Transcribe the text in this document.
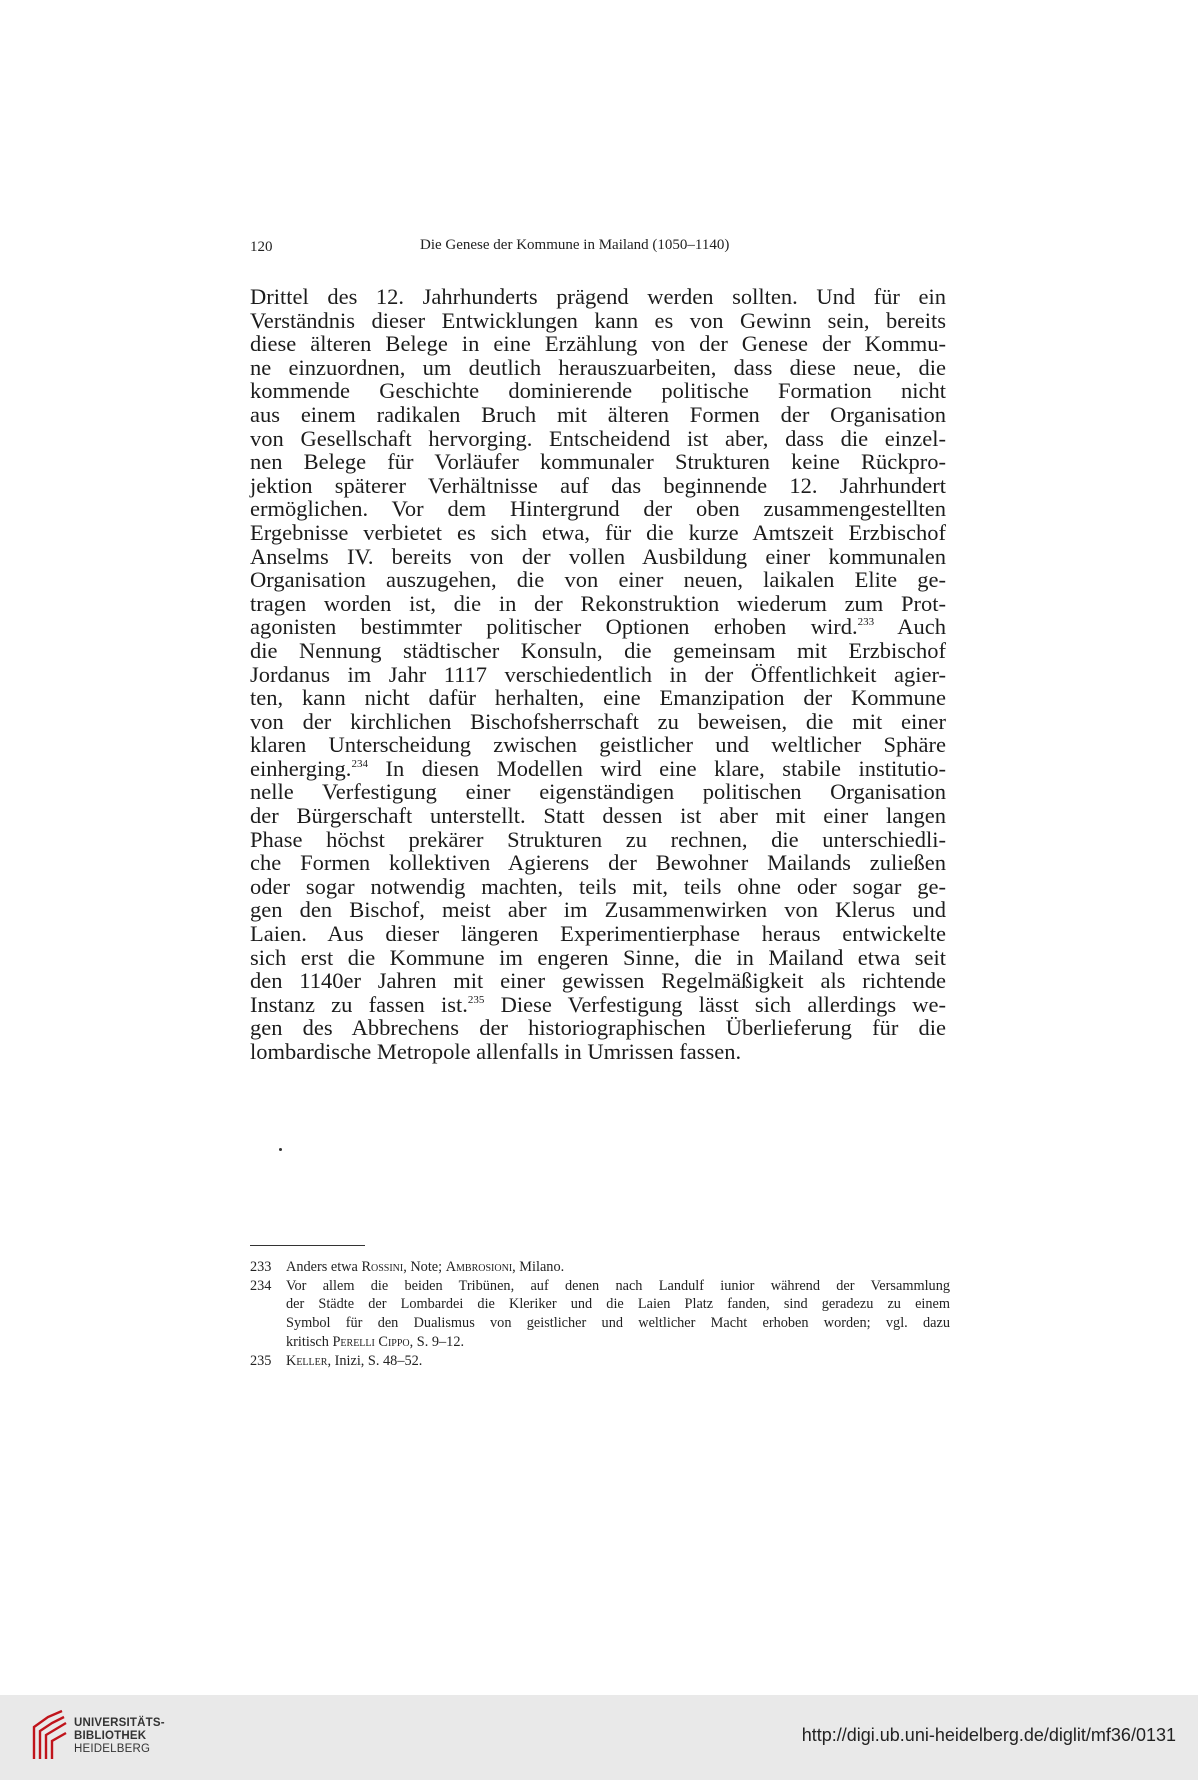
120	Die Genese der Kommune in Mailand (1050–1140)
Drittel des 12. Jahrhunderts prägend werden sollten. Und für ein
Verständnis dieser Entwicklungen kann es von Gewinn sein, bereits
diese älteren Belege in eine Erzählung von der Genese der Kommu-
ne einzuordnen, um deutlich herauszuarbeiten, dass diese neue, die
kommende Geschichte dominierende politische Formation nicht
aus einem radikalen Bruch mit älteren Formen der Organisation
von Gesellschaft hervorging. Entscheidend ist aber, dass die einzel-
nen Belege für Vorläufer kommunaler Strukturen keine Rückpro-
jektion späterer Verhältnisse auf das beginnende 12. Jahrhundert
ermöglichen. Vor dem Hintergrund der oben zusammengestellten
Ergebnisse verbietet es sich etwa, für die kurze Amtszeit Erzbischof
Anselms IV. bereits von der vollen Ausbildung einer kommunalen
Organisation auszugehen, die von einer neuen, laikalen Elite ge-
tragen worden ist, die in der Rekonstruktion wiederum zum Prot-
agonisten bestimmter politischer Optionen erhoben wird.$^{233}$ Auch
die Nennung städtischer Konsuln, die gemeinsam mit Erzbischof
Jordanus im Jahr 1117 verschiedentlich in der Öffentlichkeit agier-
ten, kann nicht dafür herhalten, eine Emanzipation der Kommune
von der kirchlichen Bischofsherrschaft zu beweisen, die mit einer
klaren Unterscheidung zwischen geistlicher und weltlicher Sphäre
einherging.$^{234}$ In diesen Modellen wird eine klare, stabile institutio-
nelle Verfestigung einer eigenständigen politischen Organisation
der Bürgerschaft unterstellt. Statt dessen ist aber mit einer langen
Phase höchst prekärer Strukturen zu rechnen, die unterschiedli-
che Formen kollektiven Agierens der Bewohner Mailands zuließen
oder sogar notwendig machten, teils mit, teils ohne oder sogar ge-
gen den Bischof, meist aber im Zusammenwirken von Klerus und
Laien. Aus dieser längeren Experimentierphase heraus entwickelte
sich erst die Kommune im engeren Sinne, die in Mailand etwa seit
den 1140er Jahren mit einer gewissen Regelmäßigkeit als richtende
Instanz zu fassen ist.$^{235}$ Diese Verfestigung lässt sich allerdings we-
gen des Abbrechens der historiographischen Überlieferung für die
lombardische Metropole allenfalls in Umrissen fassen.
233 Anders etwa Rossini, Note; Ambrosioni, Milano.
234 Vor allem die beiden Tribünen, auf denen nach Landulf iunior während der Versammlung
der Städte der Lombardei die Kleriker und die Laien Platz fanden, sind geradezu zu einem
Symbol für den Dualismus von geistlicher und weltlicher Macht erhoben worden; vgl. dazu
kritisch Perelli Cippo, S. 9–12.
235 Keller, Inizi, S. 48–52.
UNIVERSITÄTS-
BIBLIOTHEK
HEIDELBERG
http://digi.ub.uni-heidelberg.de/diglit/mf36/0131
